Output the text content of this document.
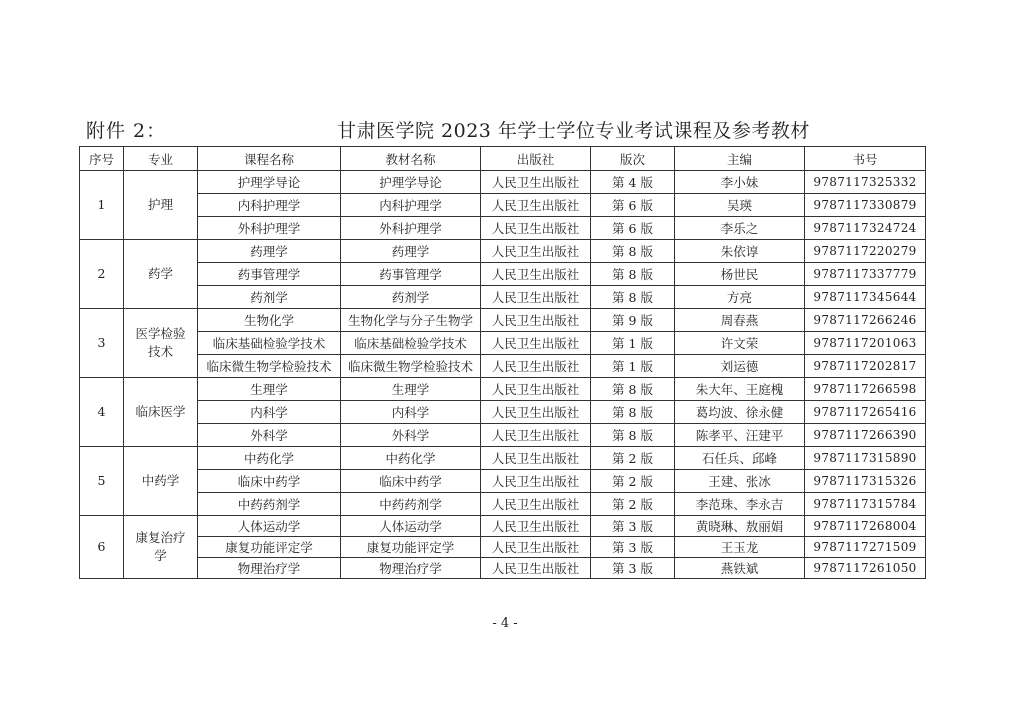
附件 2：	甘肃医学院 2023 年学士学位专业考试课程及参考教材
序号	专业	课程名称	教材名称	出版社	版次	主编	书号
1	护理	护理学导论	护理学导论	人民卫生出版社	第 4 版	李小妹	9787117325332
		内科护理学	内科护理学	人民卫生出版社	第 6 版	吴瑛	9787117330879
		外科护理学	外科护理学	人民卫生出版社	第 6 版	李乐之	9787117324724
2	药学	药理学	药理学	人民卫生出版社	第 8 版	朱依谆	9787117220279
		药事管理学	药事管理学	人民卫生出版社	第 8 版	杨世民	9787117337779
		药剂学	药剂学	人民卫生出版社	第 8 版	方亮	9787117345644
3	医学检验技术	生物化学	生物化学与分子生物学	人民卫生出版社	第 9 版	周春燕	9787117266246
		临床基础检验学技术	临床基础检验学技术	人民卫生出版社	第 1 版	许文荣	9787117201063
		临床微生物学检验技术	临床微生物学检验技术	人民卫生出版社	第 1 版	刘运德	9787117202817
4	临床医学	生理学	生理学	人民卫生出版社	第 8 版	朱大年、王庭槐	9787117266598
		内科学	内科学	人民卫生出版社	第 8 版	葛均波、徐永健	9787117265416
		外科学	外科学	人民卫生出版社	第 8 版	陈孝平、汪建平	9787117266390
5	中药学	中药化学	中药化学	人民卫生出版社	第 2 版	石任兵、邱峰	9787117315890
		临床中药学	临床中药学	人民卫生出版社	第 2 版	王建、张冰	9787117315326
		中药药剂学	中药药剂学	人民卫生出版社	第 2 版	李范珠、李永吉	9787117315784
6	康复治疗学	人体运动学	人体运动学	人民卫生出版社	第 3 版	黄晓琳、敖丽娟	9787117268004
		康复功能评定学	康复功能评定学	人民卫生出版社	第 3 版	王玉龙	9787117271509
		物理治疗学	物理治疗学	人民卫生出版社	第 3 版	燕铁斌	9787117261050
- 4 -
